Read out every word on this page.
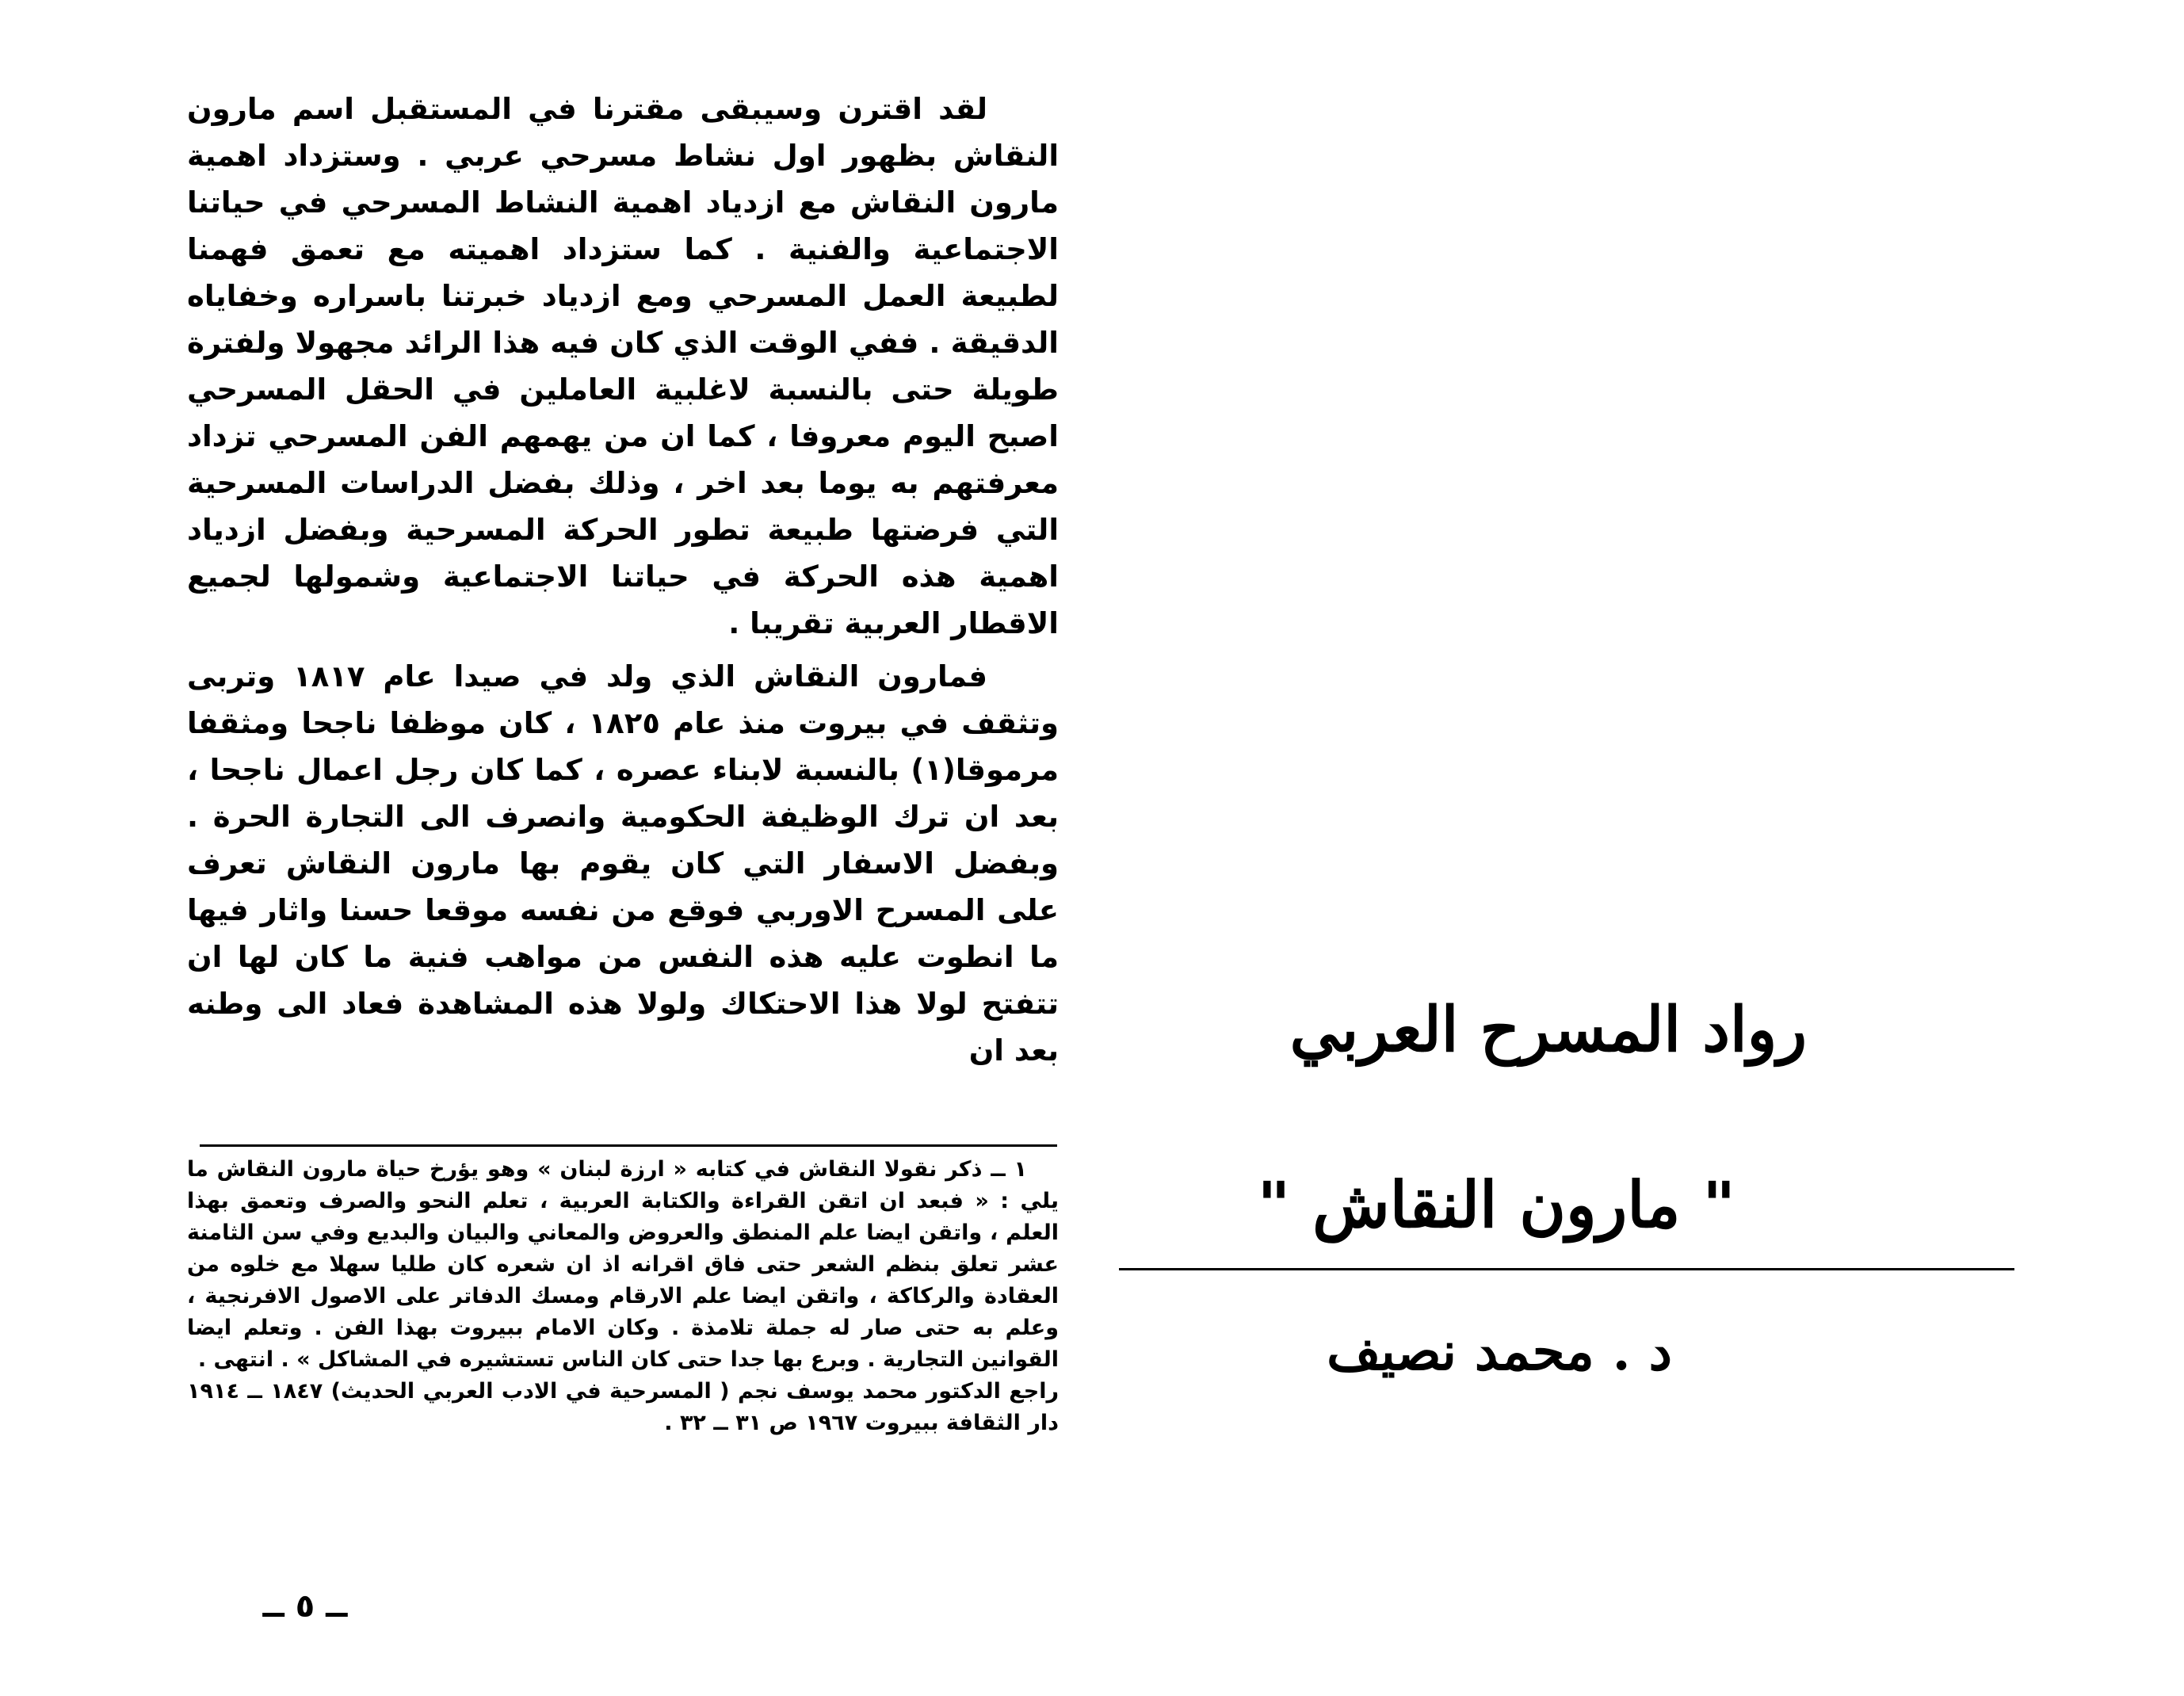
لقد اقترن وسيبقى مقترنا في المستقبل اسم مارون النقاش بظهور اول نشاط مسرحي عربي . وستزداد اهمية مارون النقاش مع ازدياد اهمية النشاط المسرحي في حياتنا الاجتماعية والفنية . كما ستزداد اهميته مع تعمق فهمنا لطبيعة العمل المسرحي ومع ازدياد خبرتنا باسراره وخفاياه الدقيقة . ففي الوقت الذي كان فيه هذا الرائد مجهولا ولفترة طويلة حتى بالنسبة لاغلبية العاملين في الحقل المسرحي اصبح اليوم معروفا ، كما ان من يهمهم الفن المسرحي تزداد معرفتهم به يوما بعد اخر ، وذلك بفضل الدراسات المسرحية التي فرضتها طبيعة تطور الحركة المسرحية وبفضل ازدياد اهمية هذه الحركة في حياتنا الاجتماعية وشمولها لجميع الاقطار العربية تقريبا .

فمارون النقاش الذي ولد في صيدا عام ١٨١٧ وتربى وتثقف في بيروت منذ عام ١٨٢٥ ، كان موظفا ناجحا ومثقفا مرموقا(١) بالنسبة لابناء عصره ، كما كان رجل اعمال ناجحا ، بعد ان ترك الوظيفة الحكومية وانصرف الى التجارة الحرة . وبفضل الاسفار التي كان يقوم بها مارون النقاش تعرف على المسرح الاوربي فوقع من نفسه موقعا حسنا واثار فيها ما انطوت عليه هذه النفس من مواهب فنية ما كان لها ان تتفتح لولا هذا الاحتكاك ولولا هذه المشاهدة فعاد الى وطنه بعد ان

١ ــ ذكر نقولا النقاش في كتابه « ارزة لبنان » وهو يؤرخ حياة مارون النقاش ما يلي : « فبعد ان اتقن القراءة والكتابة العربية ، تعلم النحو والصرف وتعمق بهذا العلم ، واتقن ايضا علم المنطق والعروض والمعاني والبيان والبديع وفي سن الثامنة عشر تعلق بنظم الشعر حتى فاق اقرانه اذ ان شعره كان طليا سهلا مع خلوه من العقادة والركاكة ، واتقن ايضا علم الارقام ومسك الدفاتر على الاصول الافرنجية ، وعلم به حتى صار له جملة تلامذة . وكان الامام ببيروت بهذا الفن . وتعلم ايضا القوانين التجارية . وبرع بها جدا حتى كان الناس تستشيره في المشاكل » . انتهى .

راجع الدكتور محمد يوسف نجم ( المسرحية في الادب العربي الحديث) ١٨٤٧ ــ ١٩١٤ دار الثقافة ببيروت ١٩٦٧ ص ٣١ ــ ٣٢ .

ــ ٥ ــ
رواد المسرح العربي
" مارون النقاش "
د . محمد نصيف
